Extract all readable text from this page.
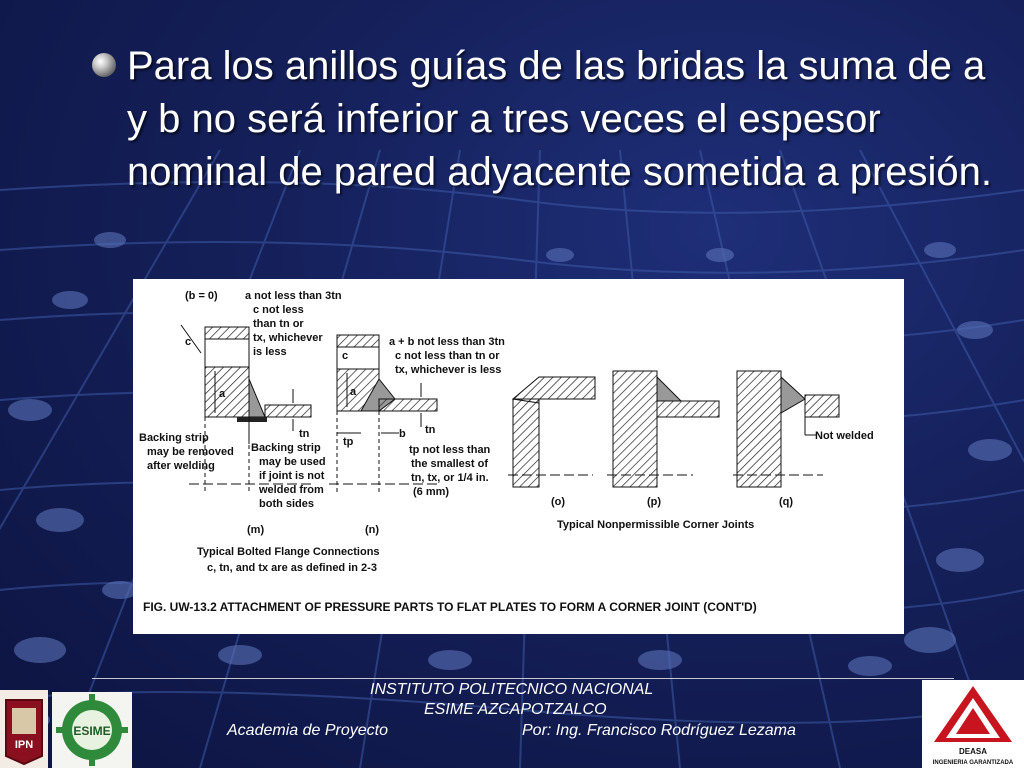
Para los anillos guías de las bridas la suma de a y b no será inferior a tres veces el espesor nominal de pared adyacente sometida a presión.
(b = 0) a not less than 3tn
c not less
than tn or
tx, whichever
is less
a + b not less than 3tn
c not less than tn or
tx, whichever is less
c
c
a	a
tn	tn
tp
b
Backing strip
may be removed
after welding
Backing strip
may be used
if joint is not
welded from
both sides
tp not less than
the smallest of
tn, tx, or 1/4 in.
(6 mm)
Not welded
(m)	(n)
(o)	(p)	(q)
Typical Nonpermissible Corner Joints
Typical Bolted Flange Connections
c, tn, and tx are as defined in 2-3
FIG. UW-13.2 ATTACHMENT OF PRESSURE PARTS TO FLAT PLATES TO FORM A CORNER JOINT (CONT'D)
IPN
ESIME
DEASA
INGENIERIA GARANTIZADA
INSTITUTO POLITECNICO NACIONAL
ESIME AZCAPOTZALCO
Academia de Proyecto	Por: Ing. Francisco Rodríguez Lezama
